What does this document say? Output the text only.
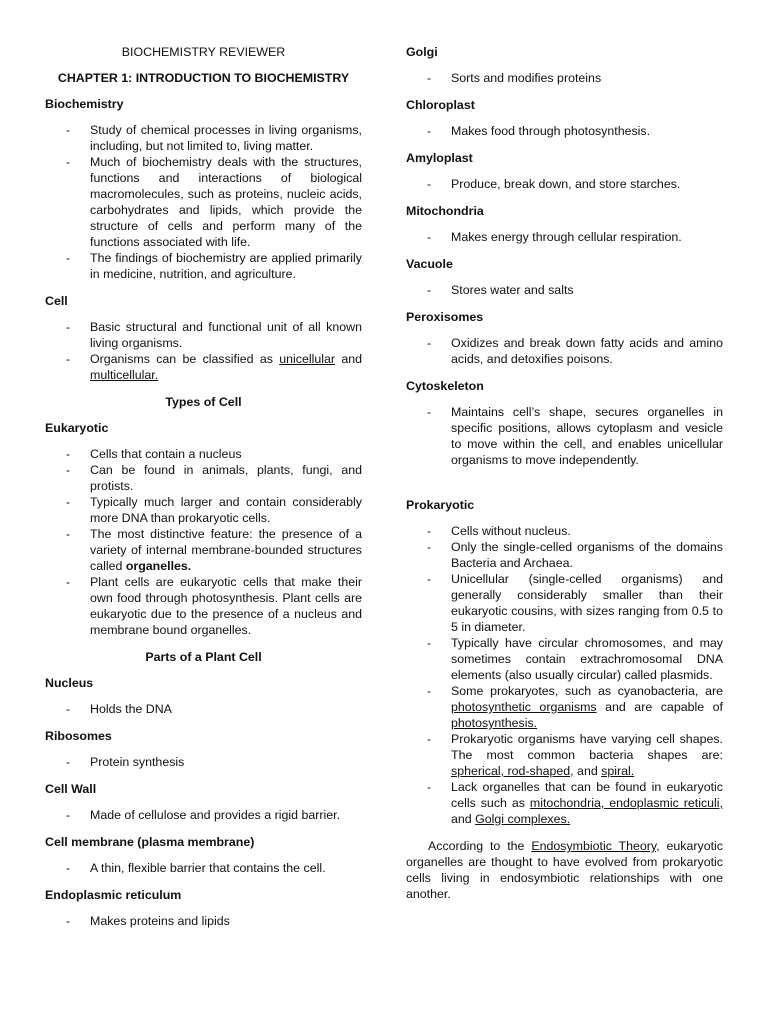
BIOCHEMISTRY REVIEWER
CHAPTER 1: INTRODUCTION TO BIOCHEMISTRY
Biochemistry
- Study of chemical processes in living organisms, including, but not limited to, living matter.
- Much of biochemistry deals with the structures, functions and interactions of biological macromolecules, such as proteins, nucleic acids, carbohydrates and lipids, which provide the structure of cells and perform many of the functions associated with life.
- The findings of biochemistry are applied primarily in medicine, nutrition, and agriculture.
Cell
- Basic structural and functional unit of all known living organisms.
- Organisms can be classified as unicellular and multicellular.
Types of Cell
Eukaryotic
- Cells that contain a nucleus
- Can be found in animals, plants, fungi, and protists.
- Typically much larger and contain considerably more DNA than prokaryotic cells.
- The most distinctive feature: the presence of a variety of internal membrane-bounded structures called organelles.
- Plant cells are eukaryotic cells that make their own food through photosynthesis. Plant cells are eukaryotic due to the presence of a nucleus and membrane bound organelles.
Parts of a Plant Cell
Nucleus
- Holds the DNA
Ribosomes
- Protein synthesis
Cell Wall
- Made of cellulose and provides a rigid barrier.
Cell membrane (plasma membrane)
- A thin, flexible barrier that contains the cell.
Endoplasmic reticulum
- Makes proteins and lipids
Golgi
- Sorts and modifies proteins
Chloroplast
- Makes food through photosynthesis.
Amyloplast
- Produce, break down, and store starches.
Mitochondria
- Makes energy through cellular respiration.
Vacuole
- Stores water and salts
Peroxisomes
- Oxidizes and break down fatty acids and amino acids, and detoxifies poisons.
Cytoskeleton
- Maintains cell’s shape, secures organelles in specific positions, allows cytoplasm and vesicle to move within the cell, and enables unicellular organisms to move independently.
Prokaryotic
- Cells without nucleus.
- Only the single-celled organisms of the domains Bacteria and Archaea.
- Unicellular (single-celled organisms) and generally considerably smaller than their eukaryotic cousins, with sizes ranging from 0.5 to 5 in diameter.
- Typically have circular chromosomes, and may sometimes contain extrachromosomal DNA elements (also usually circular) called plasmids.
- Some prokaryotes, such as cyanobacteria, are photosynthetic organisms and are capable of photosynthesis.
- Prokaryotic organisms have varying cell shapes. The most common bacteria shapes are: spherical, rod-shaped, and spiral.
- Lack organelles that can be found in eukaryotic cells such as mitochondria, endoplasmic reticuli, and Golgi complexes.

According to the Endosymbiotic Theory, eukaryotic organelles are thought to have evolved from prokaryotic cells living in endosymbiotic relationships with one another.
